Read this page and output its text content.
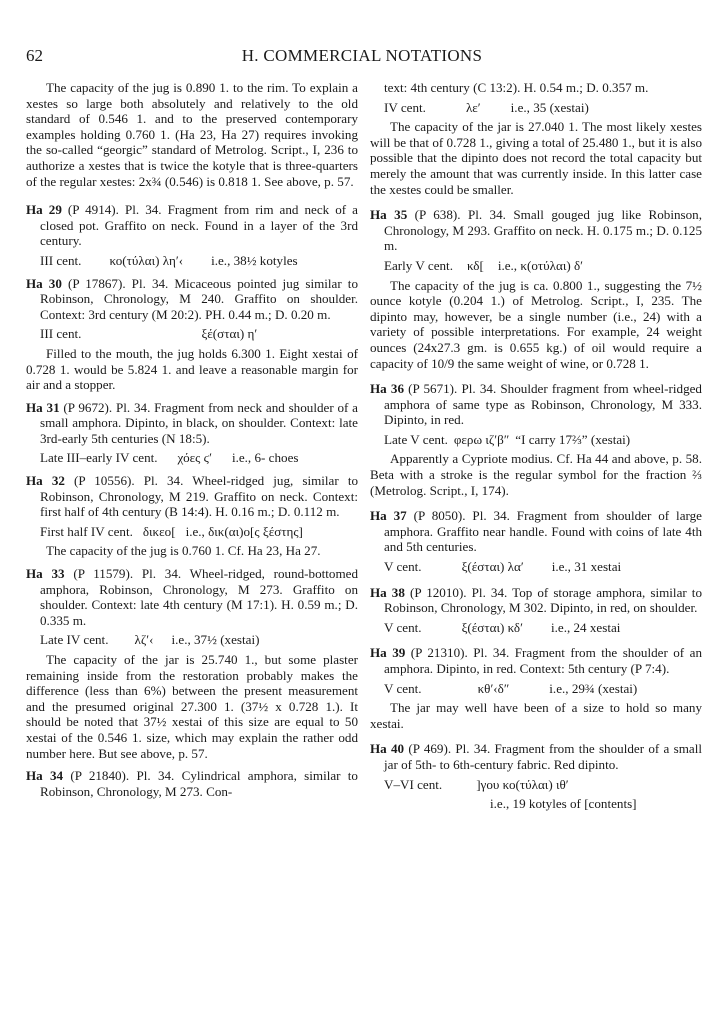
62	H. COMMERCIAL NOTATIONS

The capacity of the jug is 0.890 1. to the rim. To explain a xestes so large both absolutely and relatively to the old standard of 0.546 1. and to the preserved contemporary examples holding 0.760 1. (Ha 23, Ha 27) requires invoking the so-called “georgic” standard of Metrolog. Script., I, 236 to authorize a xestes that is twice the kotyle that is three-quarters of the regular xestes: 2x¾ (0.546) is 0.818 1. See above, p. 57.

Ha 29 (P 4914). Pl. 34. Fragment from rim and neck of a closed pot. Graffito on neck. Found in a layer of the 3rd century.

III cent. κο(τύλαι) ληʹ‹ i.e., 38½ kotyles

Ha 30 (P 17867). Pl. 34. Micaceous pointed jug similar to Robinson, Chronology, M 240. Graffito on shoulder. Context: 3rd century (M 20:2). PH. 0.44 m.; D. 0.20 m.

III cent.	ξέ(σται) ηʹ

Filled to the mouth, the jug holds 6.300 1. Eight xestai of 0.728 1. would be 5.824 1. and leave a reasonable margin for air and a stopper.

Ha 31 (P 9672). Pl. 34. Fragment from neck and shoulder of a small amphora. Dipinto, in black, on shoulder. Context: late 3rd-early 5th centuries (N 18:5).

Late III–early IV cent. χόες ϛʹ i.e., 6- choes

Ha 32 (P 10556). Pl. 34. Wheel-ridged jug, similar to Robinson, Chronology, M 219. Graffito on neck. Context: first half of 4th century (B 14:4). H. 0.16 m.; D. 0.112 m.

First half IV cent. δικεο[ i.e., δικ(αι)ο[ς ξέστης]

The capacity of the jug is 0.760 1. Cf. Ha 23, Ha 27.

Ha 33 (P 11579). Pl. 34. Wheel-ridged, round-bottomed amphora, Robinson, Chronology, M 273. Graffito on shoulder. Context: late 4th century (M 17:1). H. 0.59 m.; D. 0.335 m.

Late IV cent. λζʹ‹ i.e., 37½ (xestai)

The capacity of the jar is 25.740 1., but some plaster remaining inside from the restoration probably makes the difference (less than 6%) between the present measurement and the presumed original 27.300 1. (37½ x 0.728 1.). It should be noted that 37½ xestai of this size are equal to 50 xestai of the 0.546 1. size, which may explain the rather odd number here. But see above, p. 57.

Ha 34 (P 21840). Pl. 34. Cylindrical amphora, similar to Robinson, Chronology, M 273. Con-

text: 4th century (C 13:2). H. 0.54 m.; D. 0.357 m.

IV cent.	λεʹ i.e., 35 (xestai)

The capacity of the jar is 27.040 1. The most likely xestes will be that of 0.728 1., giving a total of 25.480 1., but it is also possible that the dipinto does not record the total capacity but merely the amount that was currently inside. In this latter case the xestes could be smaller.

Ha 35 (P 638). Pl. 34. Small gouged jug like Robinson, Chronology, M 293. Graffito on neck. H. 0.175 m.; D. 0.125 m.

Early V cent. κδ[ i.e., κ(οτύλαι) δʹ

The capacity of the jug is ca. 0.800 1., suggesting the 7½ ounce kotyle (0.204 1.) of Metrolog. Script., I, 235. The dipinto may, however, be a single number (i.e., 24) with a variety of possible interpretations. For example, 24 weight ounces (24x27.3 gm. is 0.655 kg.) of oil would require a capacity of 10/9 the same weight of wine, or 0.728 1.

Ha 36 (P 5671). Pl. 34. Shoulder fragment from wheel-ridged amphora of same type as Robinson, Chronology, M 333. Dipinto, in red.

Late V cent. φερω ιζʹβ″ “I carry 17⅔” (xestai)

Apparently a Cypriote modius. Cf. Ha 44 and above, p. 58. Beta with a stroke is the regular symbol for the fraction ⅔ (Metrolog. Script., I, 174).

Ha 37 (P 8050). Pl. 34. Fragment from shoulder of large amphora. Graffito near handle. Found with coins of late 4th and 5th centuries.

V cent.	ξ(έσται) λαʹ i.e., 31 xestai

Ha 38 (P 12010). Pl. 34. Top of storage amphora, similar to Robinson, Chronology, M 302. Dipinto, in red, on shoulder.

V cent.	ξ(έσται) κδʹ i.e., 24 xestai

Ha 39 (P 21310). Pl. 34. Fragment from the shoulder of an amphora. Dipinto, in red. Context: 5th century (P 7:4).

V cent.	κθʹ‹δ″	i.e., 29¾ (xestai)

The jar may well have been of a size to hold so many xestai.

Ha 40 (P 469). Pl. 34. Fragment from the shoulder of a small jar of 5th- to 6th-century fabric. Red dipinto.

V–VI cent.	]γου κο(τύλαι) ιθʹ
i.e., 19 kotyles of [contents]
